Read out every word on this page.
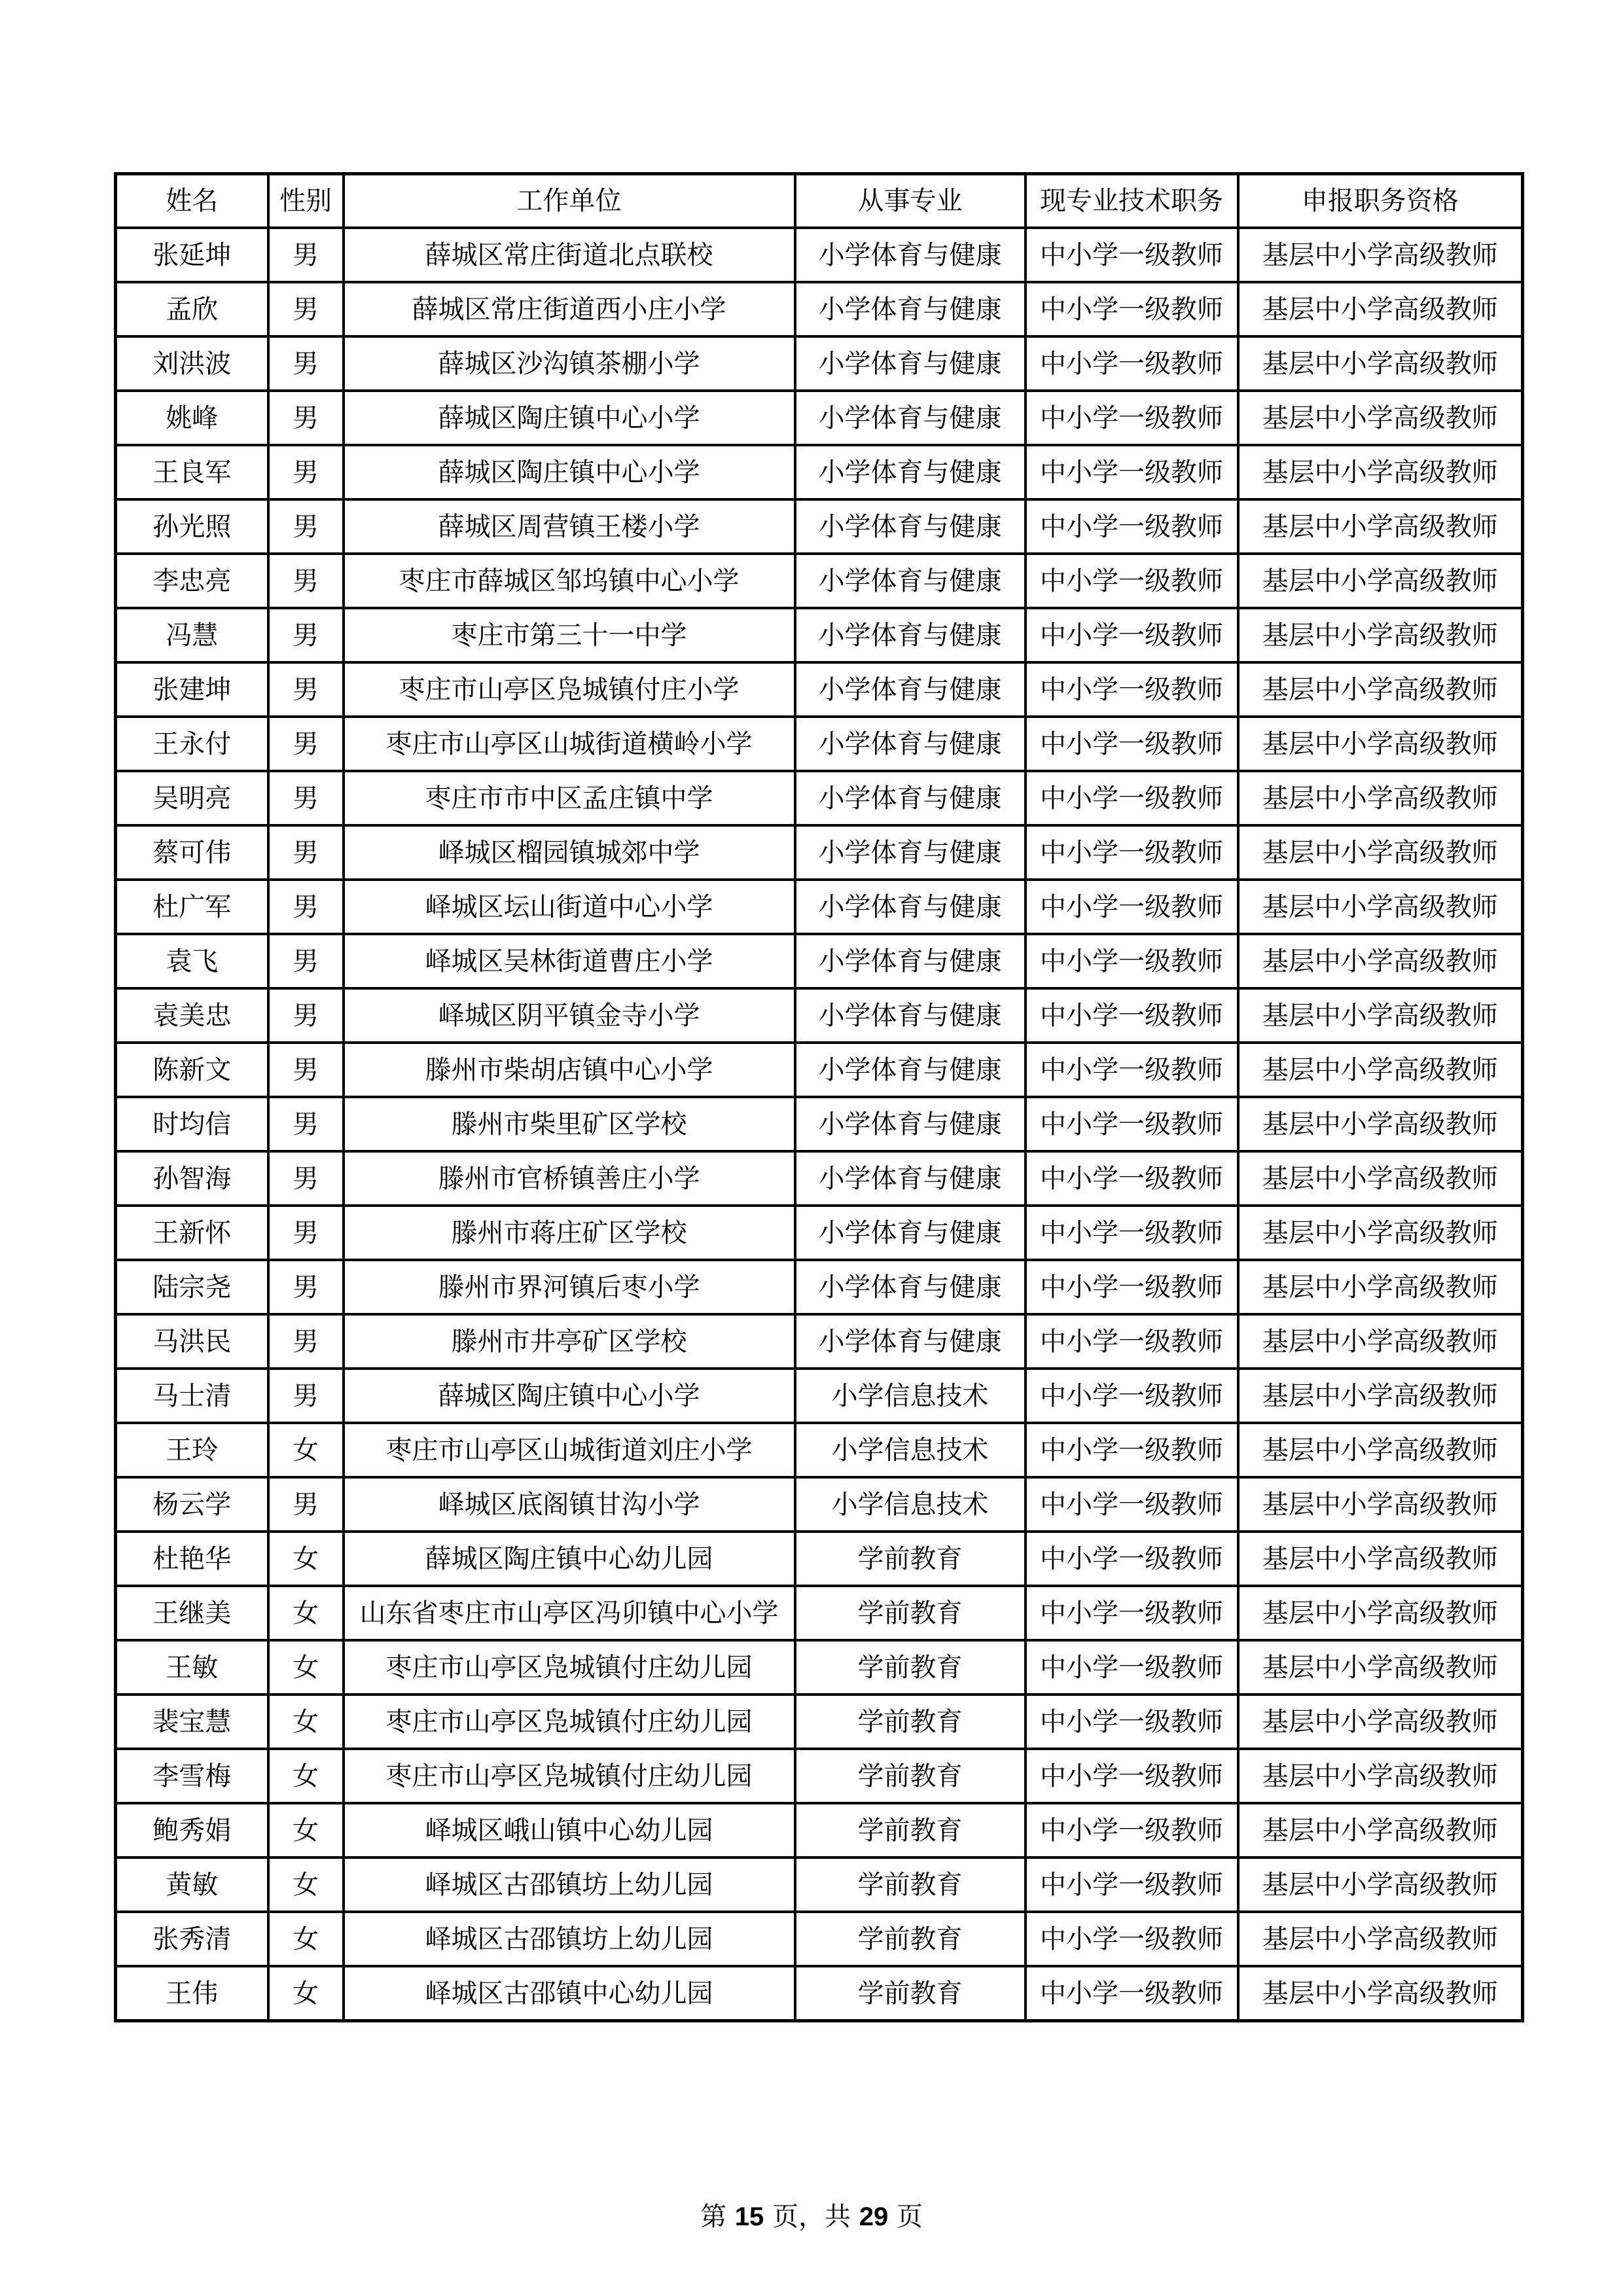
姓名	性别	工作单位	从事专业	现专业技术职务	申报职务资格
张延坤	男	薛城区常庄街道北点联校	小学体育与健康	中小学一级教师	基层中小学高级教师
孟欣	男	薛城区常庄街道西小庄小学	小学体育与健康	中小学一级教师	基层中小学高级教师
刘洪波	男	薛城区沙沟镇茶棚小学	小学体育与健康	中小学一级教师	基层中小学高级教师
姚峰	男	薛城区陶庄镇中心小学	小学体育与健康	中小学一级教师	基层中小学高级教师
王良军	男	薛城区陶庄镇中心小学	小学体育与健康	中小学一级教师	基层中小学高级教师
孙光照	男	薛城区周营镇王楼小学	小学体育与健康	中小学一级教师	基层中小学高级教师
李忠亮	男	枣庄市薛城区邹坞镇中心小学	小学体育与健康	中小学一级教师	基层中小学高级教师
冯慧	男	枣庄市第三十一中学	小学体育与健康	中小学一级教师	基层中小学高级教师
张建坤	男	枣庄市山亭区凫城镇付庄小学	小学体育与健康	中小学一级教师	基层中小学高级教师
王永付	男	枣庄市山亭区山城街道横岭小学	小学体育与健康	中小学一级教师	基层中小学高级教师
吴明亮	男	枣庄市市中区孟庄镇中学	小学体育与健康	中小学一级教师	基层中小学高级教师
蔡可伟	男	峄城区榴园镇城郊中学	小学体育与健康	中小学一级教师	基层中小学高级教师
杜广军	男	峄城区坛山街道中心小学	小学体育与健康	中小学一级教师	基层中小学高级教师
袁飞	男	峄城区吴林街道曹庄小学	小学体育与健康	中小学一级教师	基层中小学高级教师
袁美忠	男	峄城区阴平镇金寺小学	小学体育与健康	中小学一级教师	基层中小学高级教师
陈新文	男	滕州市柴胡店镇中心小学	小学体育与健康	中小学一级教师	基层中小学高级教师
时均信	男	滕州市柴里矿区学校	小学体育与健康	中小学一级教师	基层中小学高级教师
孙智海	男	滕州市官桥镇善庄小学	小学体育与健康	中小学一级教师	基层中小学高级教师
王新怀	男	滕州市蒋庄矿区学校	小学体育与健康	中小学一级教师	基层中小学高级教师
陆宗尧	男	滕州市界河镇后枣小学	小学体育与健康	中小学一级教师	基层中小学高级教师
马洪民	男	滕州市井亭矿区学校	小学体育与健康	中小学一级教师	基层中小学高级教师
马士清	男	薛城区陶庄镇中心小学	小学信息技术	中小学一级教师	基层中小学高级教师
王玲	女	枣庄市山亭区山城街道刘庄小学	小学信息技术	中小学一级教师	基层中小学高级教师
杨云学	男	峄城区底阁镇甘沟小学	小学信息技术	中小学一级教师	基层中小学高级教师
杜艳华	女	薛城区陶庄镇中心幼儿园	学前教育	中小学一级教师	基层中小学高级教师
王继美	女	山东省枣庄市山亭区冯卯镇中心小学	学前教育	中小学一级教师	基层中小学高级教师
王敏	女	枣庄市山亭区凫城镇付庄幼儿园	学前教育	中小学一级教师	基层中小学高级教师
裴宝慧	女	枣庄市山亭区凫城镇付庄幼儿园	学前教育	中小学一级教师	基层中小学高级教师
李雪梅	女	枣庄市山亭区凫城镇付庄幼儿园	学前教育	中小学一级教师	基层中小学高级教师
鲍秀娟	女	峄城区峨山镇中心幼儿园	学前教育	中小学一级教师	基层中小学高级教师
黄敏	女	峄城区古邵镇坊上幼儿园	学前教育	中小学一级教师	基层中小学高级教师
张秀清	女	峄城区古邵镇坊上幼儿园	学前教育	中小学一级教师	基层中小学高级教师
王伟	女	峄城区古邵镇中心幼儿园	学前教育	中小学一级教师	基层中小学高级教师
第 15 页，共 29 页
